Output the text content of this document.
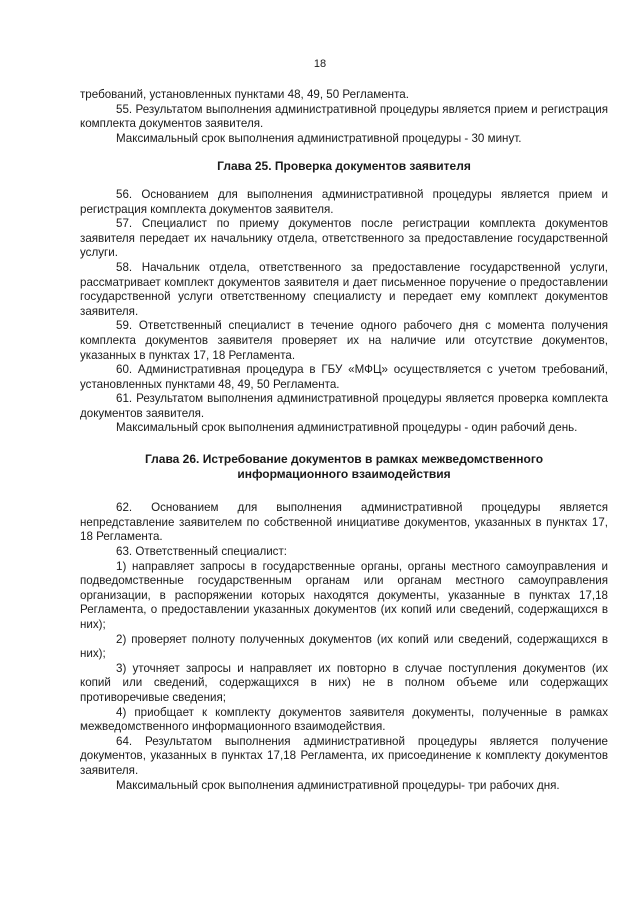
18

требований, установленных пунктами 48, 49, 50 Регламента.

55. Результатом выполнения административной процедуры является прием и регистрация комплекта документов заявителя.

Максимальный срок выполнения административной процедуры - 30 минут.

Глава 25. Проверка документов заявителя

56. Основанием для выполнения административной процедуры является прием и регистрация комплекта документов заявителя.

57. Специалист по приему документов после регистрации комплекта документов заявителя передает их начальнику отдела, ответственного за предоставление государственной услуги.

58. Начальник отдела, ответственного за предоставление государственной услуги, рассматривает комплект документов заявителя и дает письменное поручение о предоставлении государственной услуги ответственному специалисту и передает ему комплект документов заявителя.

59. Ответственный специалист в течение одного рабочего дня с момента получения комплекта документов заявителя проверяет их на наличие или отсутствие документов, указанных в пунктах 17, 18 Регламента.

60. Административная процедура в ГБУ «МФЦ» осуществляется с учетом требований, установленных пунктами 48, 49, 50 Регламента.

61. Результатом выполнения административной процедуры является проверка комплекта документов заявителя.

Максимальный срок выполнения административной процедуры - один рабочий день.

Глава 26. Истребование документов в рамках межведомственного

информационного взаимодействия

62. Основанием для выполнения административной процедуры является непредставление заявителем по собственной инициативе документов, указанных в пунктах 17, 18 Регламента.

63. Ответственный специалист:

1) направляет запросы в государственные органы, органы местного самоуправления и подведомственные государственным органам или органам местного самоуправления организации, в распоряжении которых находятся документы, указанные в пунктах 17,18 Регламента, о предоставлении указанных документов (их копий или сведений, содержащихся в них);

2) проверяет полноту полученных документов (их копий или сведений, содержащихся в них);

3) уточняет запросы и направляет их повторно в случае поступления документов (их копий или сведений, содержащихся в них) не в полном объеме или содержащих противоречивые сведения;

4) приобщает к комплекту документов заявителя документы, полученные в рамках межведомственного информационного взаимодействия.

64. Результатом выполнения административной процедуры является получение документов, указанных в пунктах 17,18 Регламента, их присоединение к комплекту документов заявителя.

Максимальный срок выполнения административной процедуры- три рабочих дня.
